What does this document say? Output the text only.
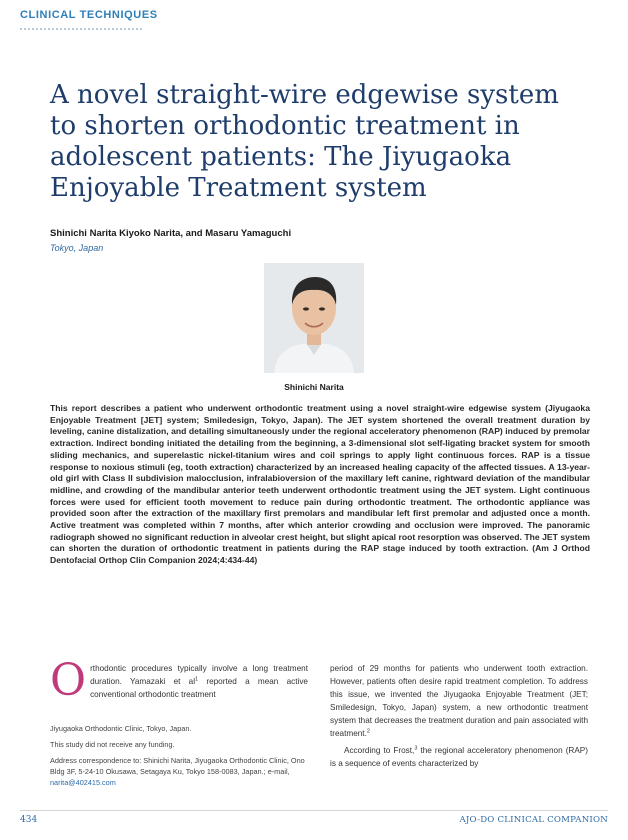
CLINICAL TECHNIQUES
A novel straight-wire edgewise system to shorten orthodontic treatment in adolescent patients: The Jiyugaoka Enjoyable Treatment system
Shinichi Narita Kiyoko Narita, and Masaru Yamaguchi
Tokyo, Japan
Shinichi Narita

This report describes a patient who underwent orthodontic treatment using a novel straight-wire edgewise system (Jiyugaoka Enjoyable Treatment [JET] system; Smiledesign, Tokyo, Japan). The JET system shortened the overall treatment duration by leveling, canine distalization, and detailing simultaneously under the regional acceleratory phenomenon (RAP) induced by premolar extraction. Indirect bonding initiated the detailing from the beginning, a 3-dimensional slot self-ligating bracket system for smooth sliding mechanics, and superelastic nickel-titanium wires and coil springs to apply light continuous forces. RAP is a tissue response to noxious stimuli (eg, tooth extraction) characterized by an increased healing capacity of the affected tissues. A 13-year-old girl with Class II subdivision malocclusion, infralabioversion of the maxillary left canine, rightward deviation of the mandibular midline, and crowding of the mandibular anterior teeth underwent orthodontic treatment using the JET system. Light continuous forces were used for efficient tooth movement to reduce pain during orthodontic treatment. The orthodontic appliance was provided soon after the extraction of the maxillary first premolars and mandibular left first premolar and adjusted once a month. Active treatment was completed within 7 months, after which anterior crowding and occlusion were improved. The panoramic radiograph showed no significant reduction in alveolar crest height, but slight apical root resorption was observed. The JET system can shorten the duration of orthodontic treatment in patients during the RAP stage induced by tooth extraction. (Am J Orthod Dentofacial Orthop Clin Companion 2024;4:434-44)

Orthodontic procedures typically involve a long treatment duration. Yamazaki et $al^1$ reported a mean active conventional orthodontic treatment

Jiyugaoka Orthodontic Clinic, Tokyo, Japan.

This study did not receive any funding.

Address correspondence to: Shinichi Narita, Jiyugaoka Orthodontic Clinic, Ono Bldg 3F, 5-24-10 Okusawa, Setagaya Ku, Tokyo 158-0083, Japan.; e-mail, narita@402415.com

period of 29 months for patients who underwent tooth extraction. However, patients often desire rapid treatment completion. To address this issue, we invented the Jiyugaoka Enjoyable Treatment (JET; Smiledesign, Tokyo, Japan) system, a new orthodontic treatment system that decreases the treatment duration and pain associated with treatment.$^2$

According to Frost,$^3$ the regional acceleratory phenomenon (RAP) is a sequence of events characterized by

434	AJO-DO CLINICAL COMPANION
